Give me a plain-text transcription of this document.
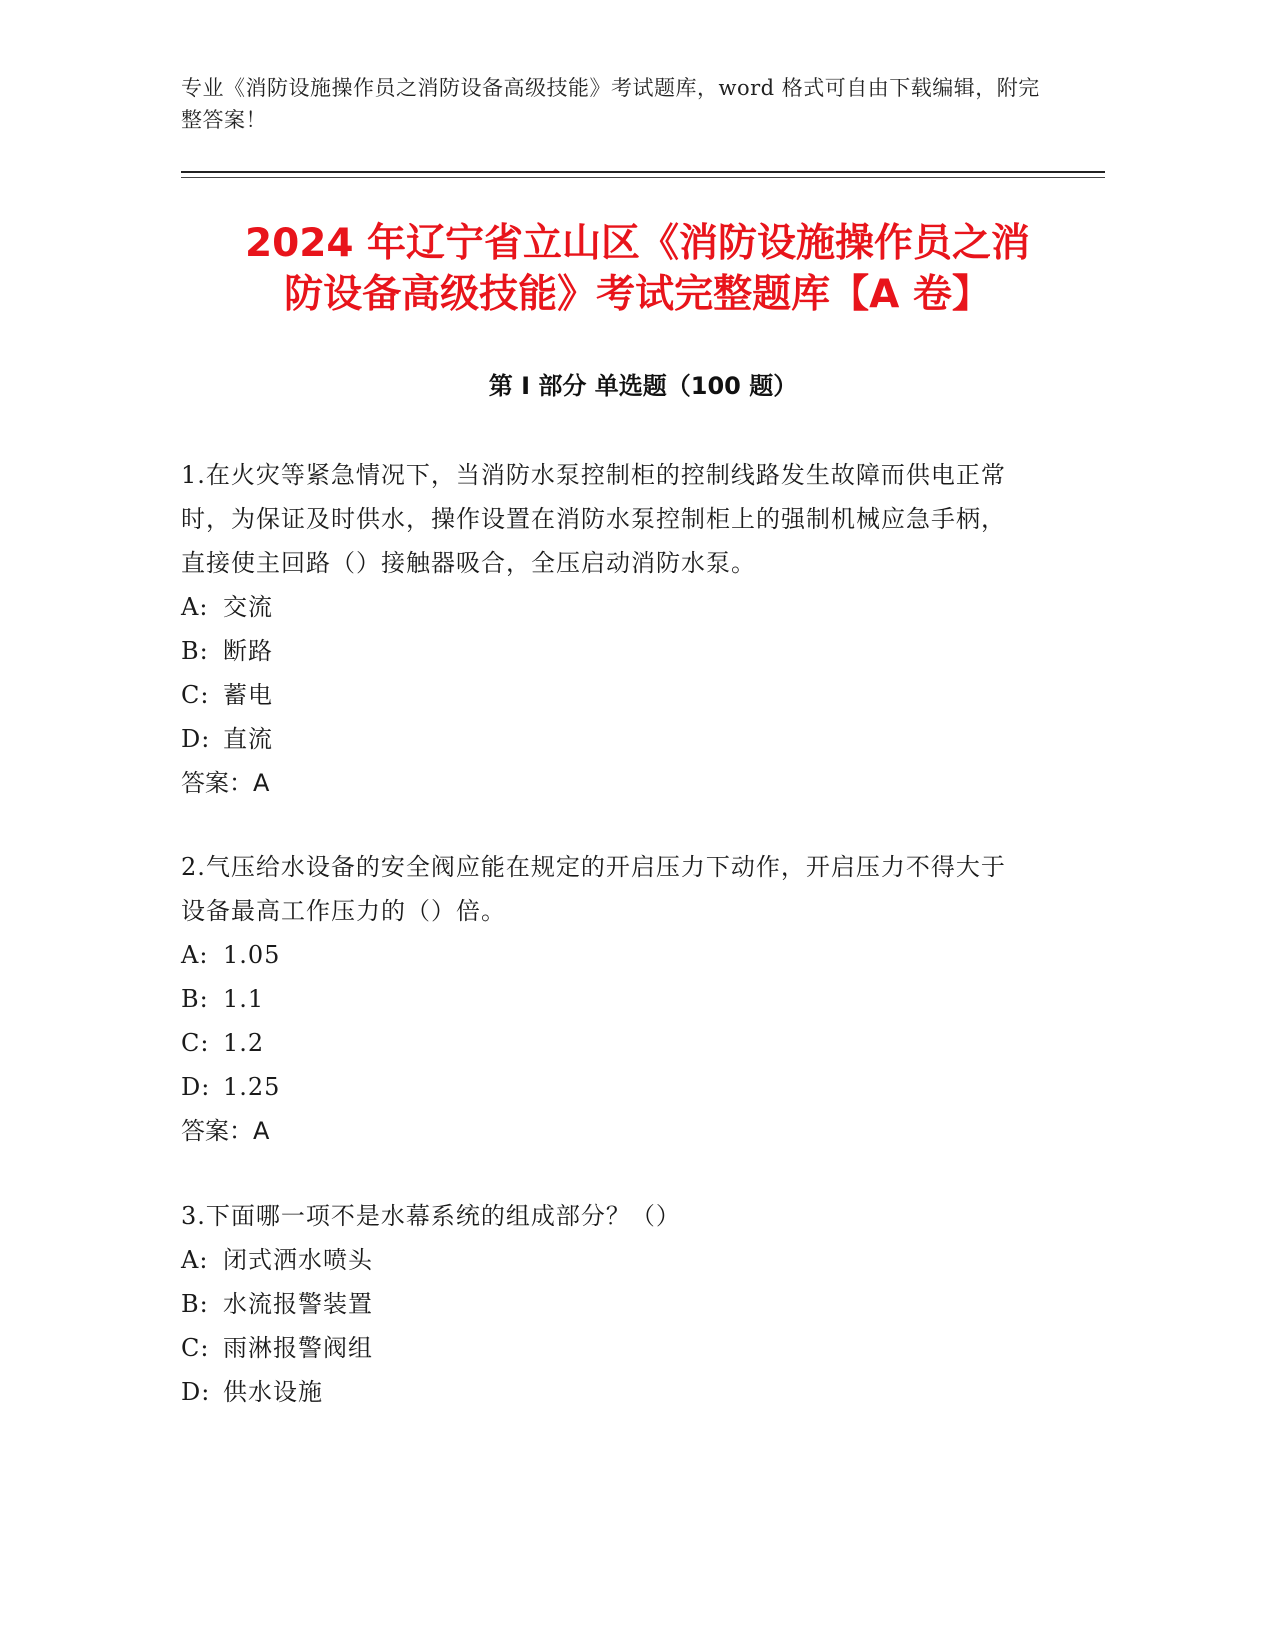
专业《消防设施操作员之消防设备高级技能》考试题库，word 格式可自由下载编辑，附完整答案！
2024 年辽宁省立山区《消防设施操作员之消
防设备高级技能》考试完整题库【A 卷】
第 I 部分 单选题（100 题）

1.在火灾等紧急情况下，当消防水泵控制柜的控制线路发生故障而供电正常时，为保证及时供水，操作设置在消防水泵控制柜上的强制机械应急手柄，直接使主回路（）接触器吸合，全压启动消防水泵。

A: 交流

B: 断路

C: 蓄电

D: 直流

答案：A

2.气压给水设备的安全阀应能在规定的开启压力下动作，开启压力不得大于设备最高工作压力的（）倍。

A: 1.05

B: 1.1

C: 1.2

D: 1.25

答案：A

3.下面哪一项不是水幕系统的组成部分？（）

A: 闭式洒水喷头

B: 水流报警装置

C: 雨淋报警阀组

D: 供水设施
